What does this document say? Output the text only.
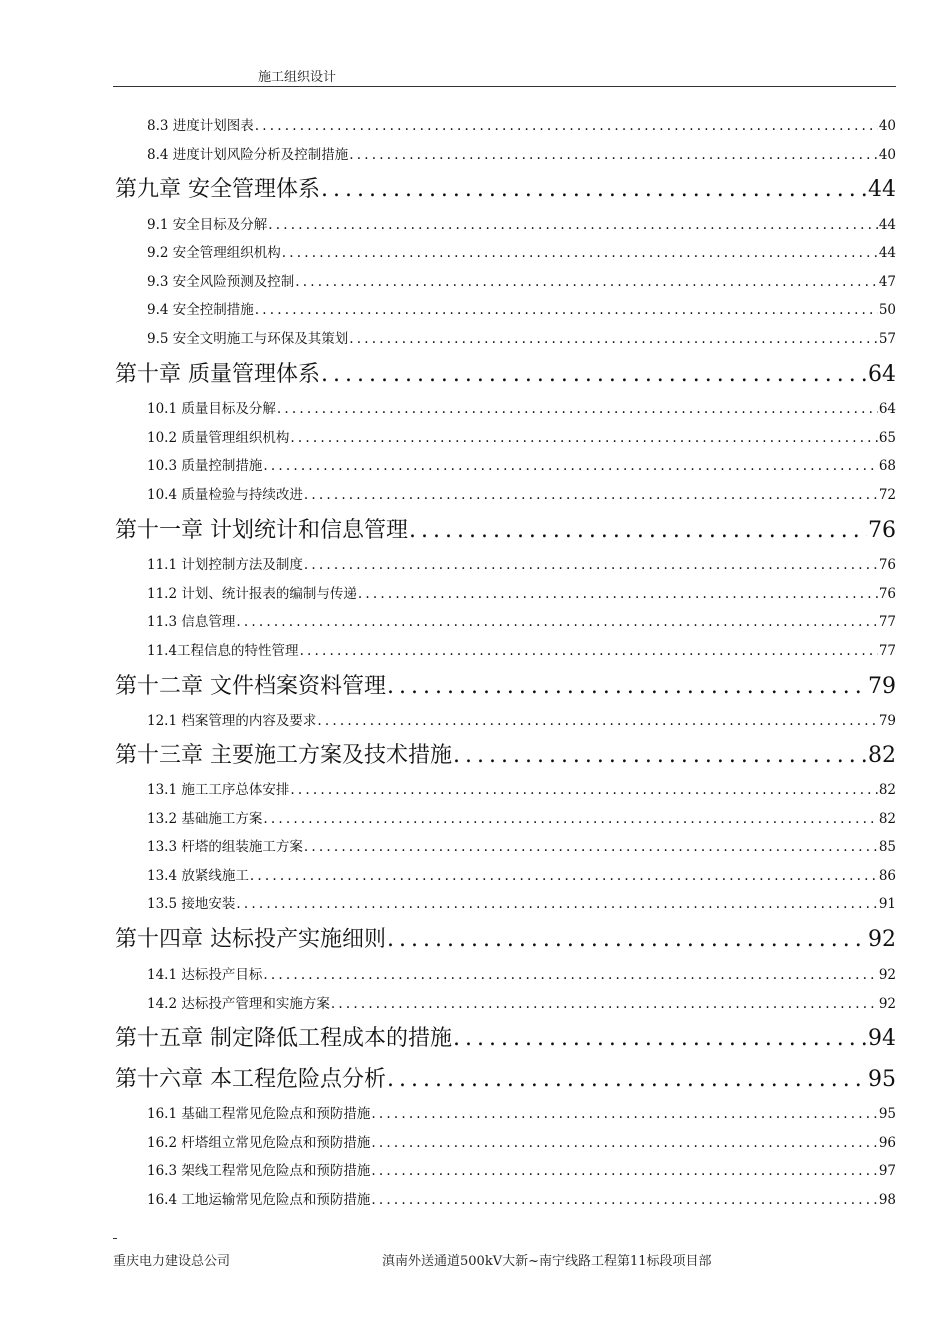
施工组织设计
8.3 进度计划图表 .....	40
8.4 进度计划风险分析及控制措施 .....	40
第九章 安全管理体系 .....	44
9.1 安全目标及分解 .....	44
9.2 安全管理组织机构 .....	44
9.3 安全风险预测及控制 .....	47
9.4 安全控制措施 .....	50
9.5 安全文明施工与环保及其策划 .....	57
第十章 质量管理体系 .....	64
10.1 质量目标及分解 .....	64
10.2 质量管理组织机构 .....	65
10.3 质量控制措施 .....	68
10.4 质量检验与持续改进 .....	72
第十一章 计划统计和信息管理 .....	76
11.1 计划控制方法及制度 .....	76
11.2 计划、统计报表的编制与传递 .....	76
11.3 信息管理 .....	77
11.4工程信息的特性管理 .....	77
第十二章 文件档案资料管理 .....	79
12.1 档案管理的内容及要求 .....	79
第十三章 主要施工方案及技术措施 .....	82
13.1 施工工序总体安排 .....	82
13.2 基础施工方案 .....	82
13.3 杆塔的组装施工方案 .....	85
13.4 放紧线施工 .....	86
13.5 接地安装 .....	91
第十四章 达标投产实施细则 .....	92
14.1 达标投产目标 .....	92
14.2 达标投产管理和实施方案 .....	92
第十五章 制定降低工程成本的措施 .....	94
第十六章 本工程危险点分析 .....	95
16.1 基础工程常见危险点和预防措施 .....	95
16.2 杆塔组立常见危险点和预防措施 .....	96
16.3 架线工程常见危险点和预防措施 .....	97
16.4 工地运输常见危险点和预防措施 .....	98
重庆电力建设总公司	滇南外送通道500kV大新~南宁线路工程第11标段项目部
